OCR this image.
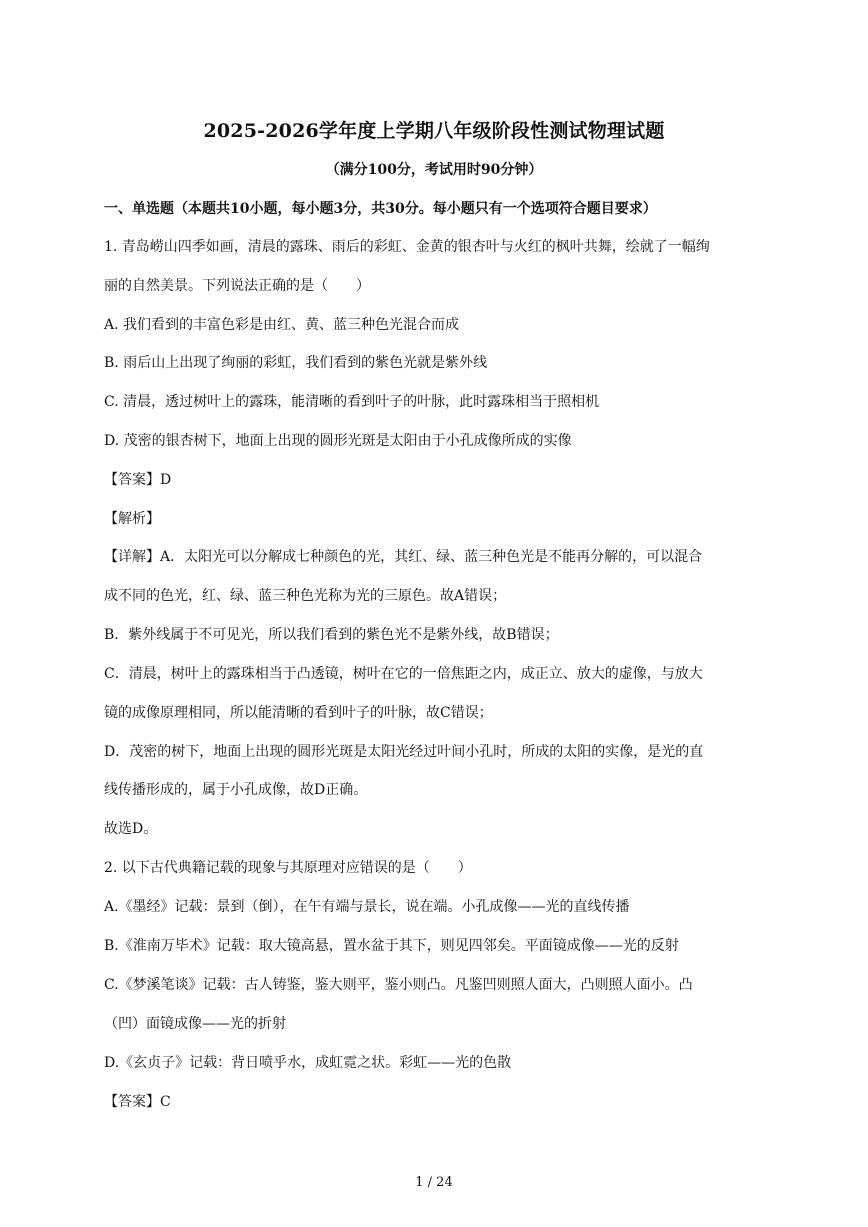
2025-2026学年度上学期八年级阶段性测试物理试题
（满分100分，考试用时90分钟）
一、单选题（本题共10小题，每小题3分，共30分。每小题只有一个选项符合题目要求）
1. 青岛崂山四季如画，清晨的露珠、雨后的彩虹、金黄的银杏叶与火红的枫叶共舞，绘就了一幅绚
丽的自然美景。下列说法正确的是（　　）
A. 我们看到的丰富色彩是由红、黄、蓝三种色光混合而成
B. 雨后山上出现了绚丽的彩虹，我们看到的紫色光就是紫外线
C. 清晨，透过树叶上的露珠，能清晰的看到叶子的叶脉，此时露珠相当于照相机
D. 茂密的银杏树下，地面上出现的圆形光斑是太阳由于小孔成像所成的实像
【答案】D
【解析】
【详解】A．太阳光可以分解成七种颜色的光，其红、绿、蓝三种色光是不能再分解的，可以混合
成不同的色光，红、绿、蓝三种色光称为光的三原色。故A错误；
B．紫外线属于不可见光，所以我们看到的紫色光不是紫外线，故B错误；
C．清晨，树叶上的露珠相当于凸透镜，树叶在它的一倍焦距之内，成正立、放大的虚像，与放大
镜的成像原理相同，所以能清晰的看到叶子的叶脉，故C错误；
D．茂密的树下，地面上出现的圆形光斑是太阳光经过叶间小孔时，所成的太阳的实像，是光的直
线传播形成的，属于小孔成像，故D正确。
故选D。
2. 以下古代典籍记载的现象与其原理对应错误的是（　　）
A.《墨经》记载：景到（倒），在午有端与景长，说在端。小孔成像——光的直线传播
B.《淮南万毕术》记载：取大镜高悬，置水盆于其下，则见四邻矣。平面镜成像——光的反射
C.《梦溪笔谈》记载：古人铸鉴，鉴大则平，鉴小则凸。凡鉴凹则照人面大，凸则照人面小。凸
（凹）面镜成像——光的折射
D.《玄贞子》记载：背日喷乎水，成虹霓之状。彩虹——光的色散
【答案】C
1 / 24
